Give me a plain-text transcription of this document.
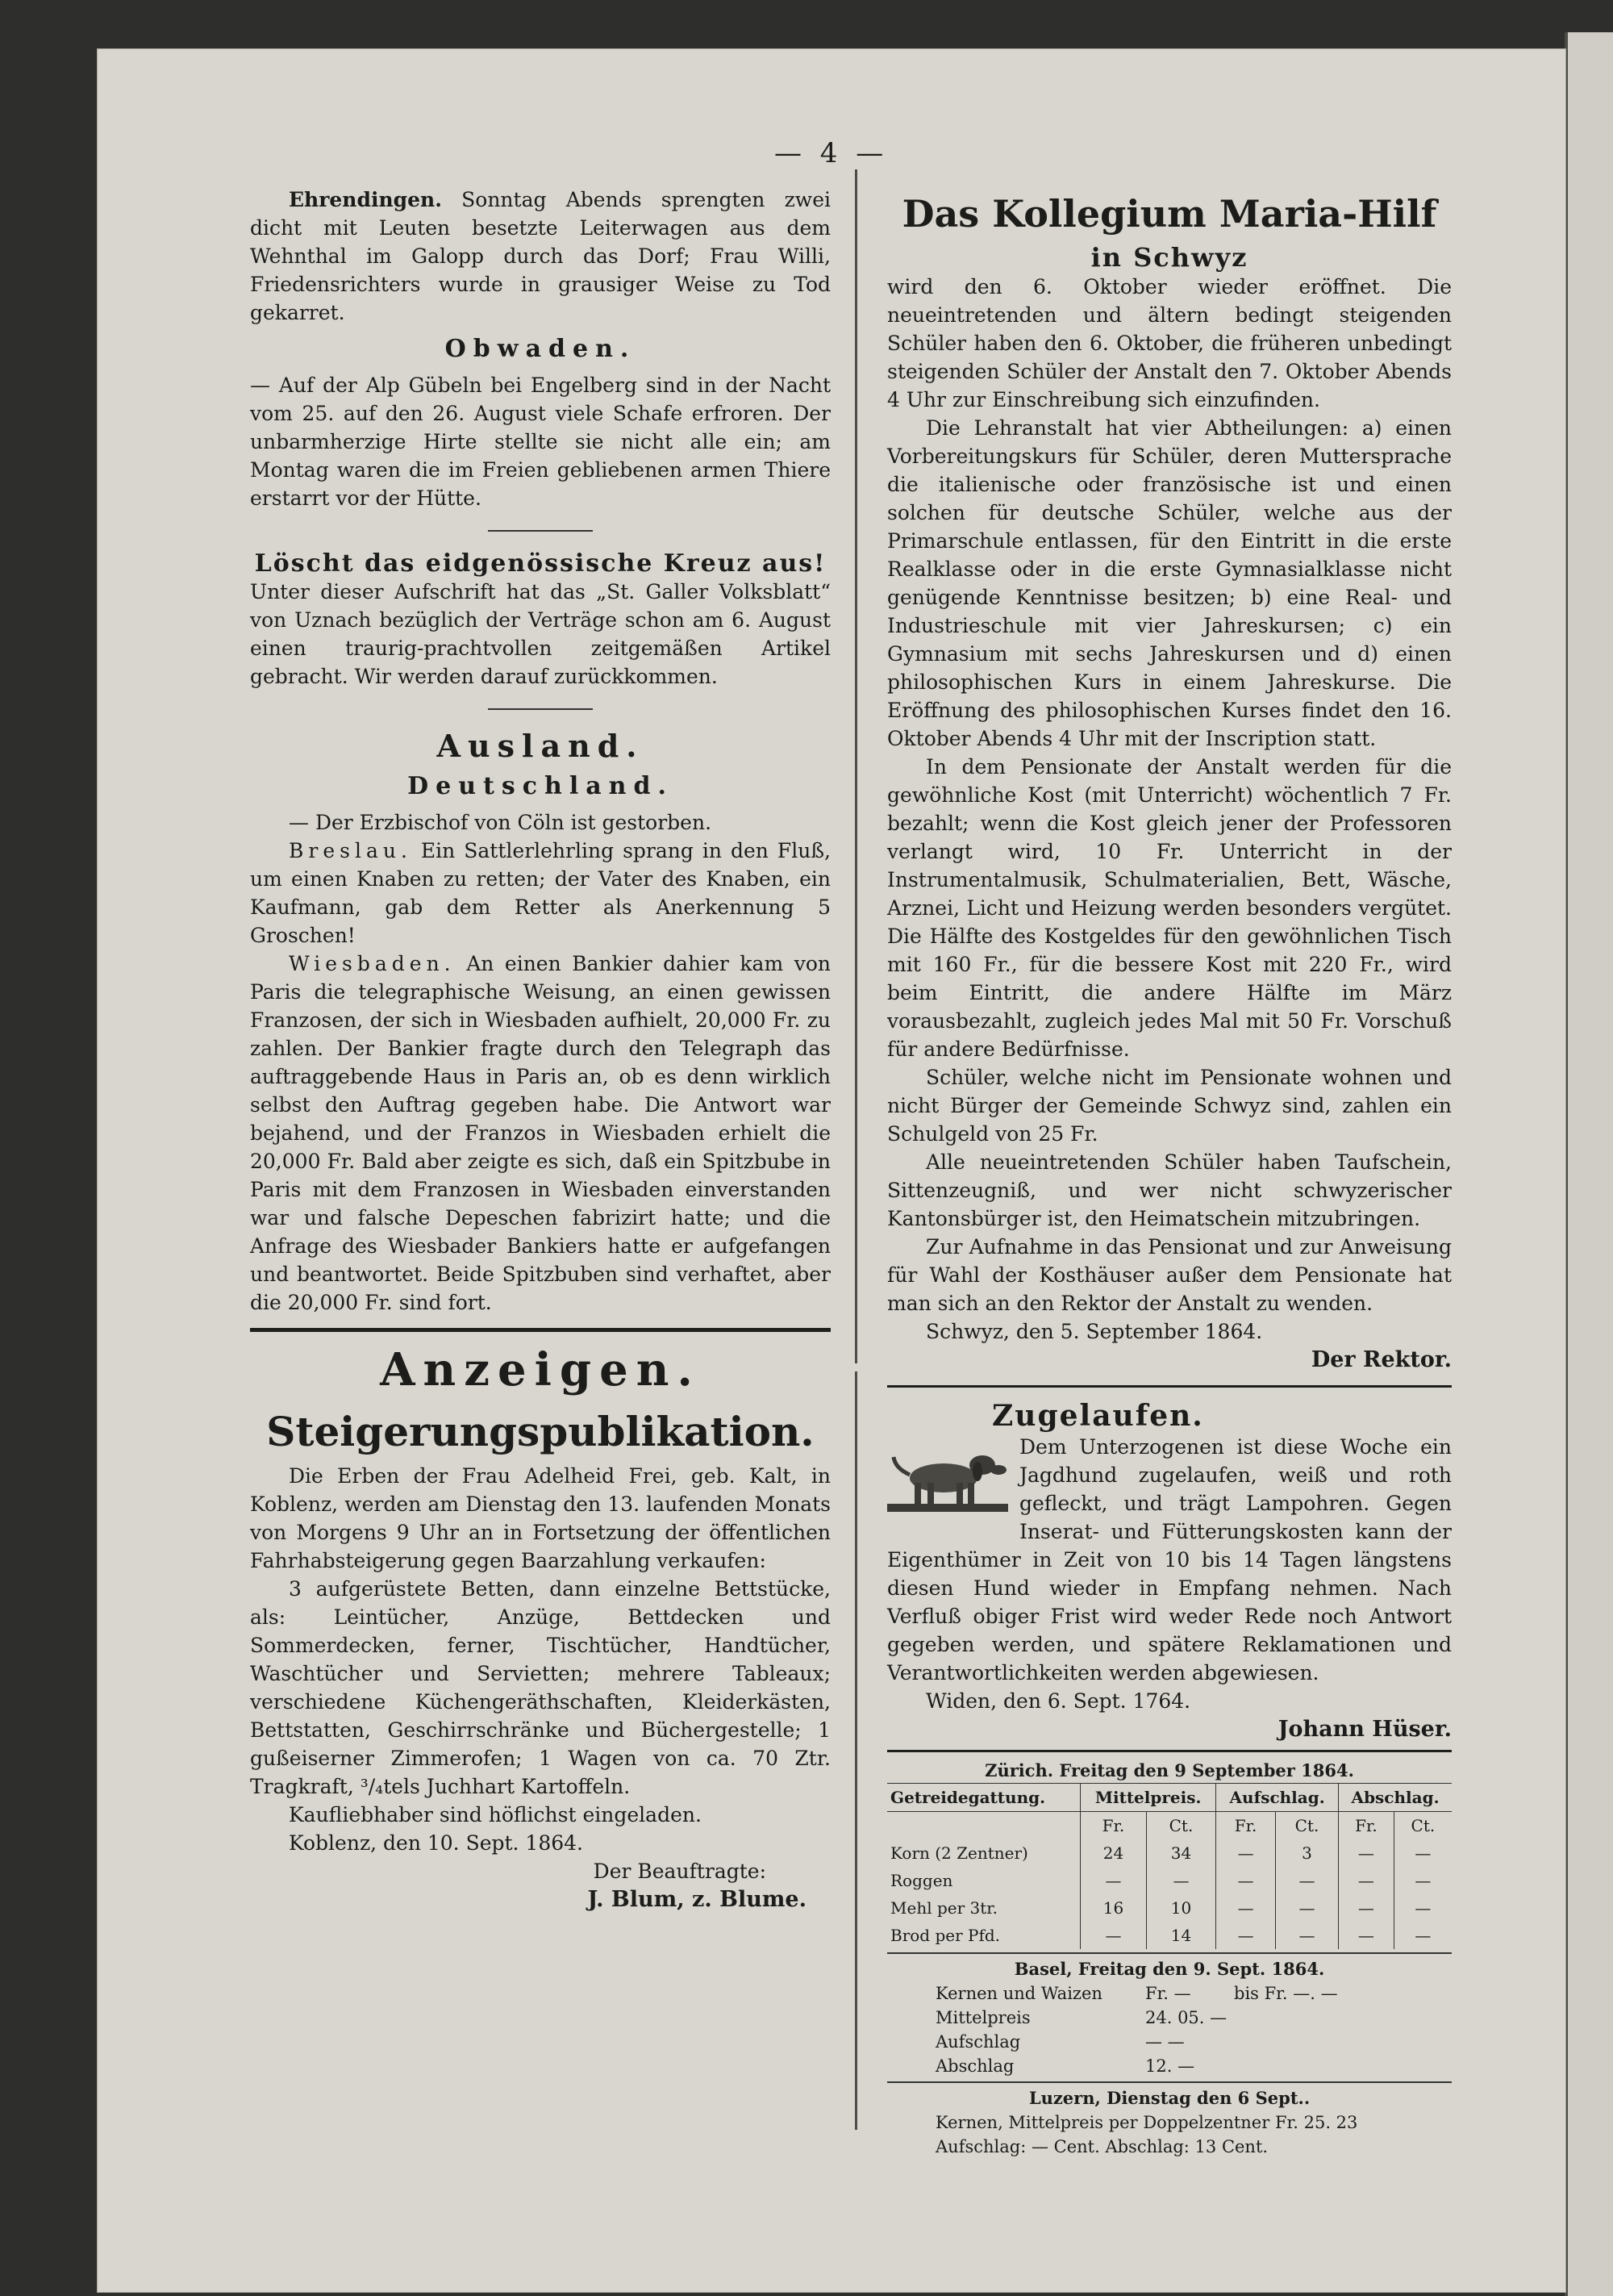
— 4 —

Ehrendingen. Sonntag Abends sprengten zwei dicht mit Leuten besetzte Leiterwagen aus dem Wehnthal im Galopp durch das Dorf; Frau Willi, Friedensrichters wurde in grausiger Weise zu Tod gekarret.

Obwaden.

— Auf der Alp Gübeln bei Engelberg sind in der Nacht vom 25. auf den 26. August viele Schafe erfroren. Der unbarmherzige Hirte stellte sie nicht alle ein; am Montag waren die im Freien gebliebenen armen Thiere erstarrt vor der Hütte.

Löscht das eidgenössische Kreuz aus!

Unter dieser Aufschrift hat das „St. Galler Volksblatt“ von Uznach bezüglich der Verträge schon am 6. August einen traurig-prachtvollen zeitgemäßen Artikel gebracht. Wir werden darauf zurückkommen.

Ausland.
Deutschland.

— Der Erzbischof von Cöln ist gestorben.

Breslau. Ein Sattlerlehrling sprang in den Fluß, um einen Knaben zu retten; der Vater des Knaben, ein Kaufmann, gab dem Retter als Anerkennung 5 Groschen!

Wiesbaden. An einen Bankier dahier kam von Paris die telegraphische Weisung, an einen gewissen Franzosen, der sich in Wiesbaden aufhielt, 20,000 Fr. zu zahlen. Der Bankier fragte durch den Telegraph das auftraggebende Haus in Paris an, ob es denn wirklich selbst den Auftrag gegeben habe. Die Antwort war bejahend, und der Franzos in Wiesbaden erhielt die 20,000 Fr. Bald aber zeigte es sich, daß ein Spitzbube in Paris mit dem Franzosen in Wiesbaden einverstanden war und falsche Depeschen fabrizirt hatte; und die Anfrage des Wiesbader Bankiers hatte er aufgefangen und beantwortet. Beide Spitzbuben sind verhaftet, aber die 20,000 Fr. sind fort.

Anzeigen.
Steigerungspublikation.

Die Erben der Frau Adelheid Frei, geb. Kalt, in Koblenz, werden am Dienstag den 13. laufenden Monats von Morgens 9 Uhr an in Fortsetzung der öffentlichen Fahrhabsteigerung gegen Baarzahlung verkaufen:

3 aufgerüstete Betten, dann einzelne Bettstücke, als: Leintücher, Anzüge, Bettdecken und Sommerdecken, ferner, Tischtücher, Handtücher, Waschtücher und Servietten; mehrere Tableaux; verschiedene Küchengeräthschaften, Kleiderkästen, Bettstatten, Geschirrschränke und Büchergestelle; 1 gußeiserner Zimmerofen; 1 Wagen von ca. 70 Ztr. Tragkraft, ³/₄tels Juchhart Kartoffeln.

Kaufliebhaber sind höflichst eingeladen.

Koblenz, den 10. Sept. 1864.

Der Beauftragte:

J. Blum, z. Blume.

Das Kollegium Maria-Hilf
in Schwyz

wird den 6. Oktober wieder eröffnet. Die neueintretenden und ältern bedingt steigenden Schüler haben den 6. Oktober, die früheren unbedingt steigenden Schüler der Anstalt den 7. Oktober Abends 4 Uhr zur Einschreibung sich einzufinden.

Die Lehranstalt hat vier Abtheilungen: a) einen Vorbereitungskurs für Schüler, deren Muttersprache die italienische oder französische ist und einen solchen für deutsche Schüler, welche aus der Primarschule entlassen, für den Eintritt in die erste Realklasse oder in die erste Gymnasialklasse nicht genügende Kenntnisse besitzen; b) eine Real- und Industrieschule mit vier Jahreskursen; c) ein Gymnasium mit sechs Jahreskursen und d) einen philosophischen Kurs in einem Jahreskurse. Die Eröffnung des philosophischen Kurses findet den 16. Oktober Abends 4 Uhr mit der Inscription statt.

In dem Pensionate der Anstalt werden für die gewöhnliche Kost (mit Unterricht) wöchentlich 7 Fr. bezahlt; wenn die Kost gleich jener der Professoren verlangt wird, 10 Fr. Unterricht in der Instrumentalmusik, Schulmaterialien, Bett, Wäsche, Arznei, Licht und Heizung werden besonders vergütet. Die Hälfte des Kostgeldes für den gewöhnlichen Tisch mit 160 Fr., für die bessere Kost mit 220 Fr., wird beim Eintritt, die andere Hälfte im März vorausbezahlt, zugleich jedes Mal mit 50 Fr. Vorschuß für andere Bedürfnisse.

Schüler, welche nicht im Pensionate wohnen und nicht Bürger der Gemeinde Schwyz sind, zahlen ein Schulgeld von 25 Fr.

Alle neueintretenden Schüler haben Taufschein, Sittenzeugniß, und wer nicht schwyzerischer Kantonsbürger ist, den Heimatschein mitzubringen.

Zur Aufnahme in das Pensionat und zur Anweisung für Wahl der Kosthäuser außer dem Pensionate hat man sich an den Rektor der Anstalt zu wenden.

Schwyz, den 5. September 1864.

Der Rektor.

Zugelaufen.

Dem Unterzogenen ist diese Woche ein Jagdhund zugelaufen, weiß und roth gefleckt, und trägt Lampohren. Gegen Inserat- und Fütterungskosten kann der Eigenthümer in Zeit von 10 bis 14 Tagen längstens diesen Hund wieder in Empfang nehmen. Nach Verfluß obiger Frist wird weder Rede noch Antwort gegeben werden, und spätere Reklamationen und Verantwortlichkeiten werden abgewiesen.

Widen, den 6. Sept. 1764.

Johann Hüser.

Zürich. Freitag den 9 September 1864.
Getreidegattung.	Mittelpreis.		Aufschlag.		Abschlag.	
	Fr.	Ct.	Fr.	Ct.	Fr.	Ct.
Korn (2 Zentner)	24	34	—	3	—	—
Roggen	—	—	—	—	—	—
Mehl per 3tr.	16	10	—	—	—	—
Brod per Pfd.	—	14	—	—	—	—
Basel, Freitag den 9. Sept. 1864.
Kernen und Waizen	Fr. —	bis Fr. —. —
Mittelpreis	24. 05. —
Aufschlag	— —
Abschlag	12. —
Luzern, Dienstag den 6 Sept..
Kernen, Mittelpreis per Doppelzentner Fr. 25. 23
Aufschlag: — Cent. Abschlag: 13 Cent.
